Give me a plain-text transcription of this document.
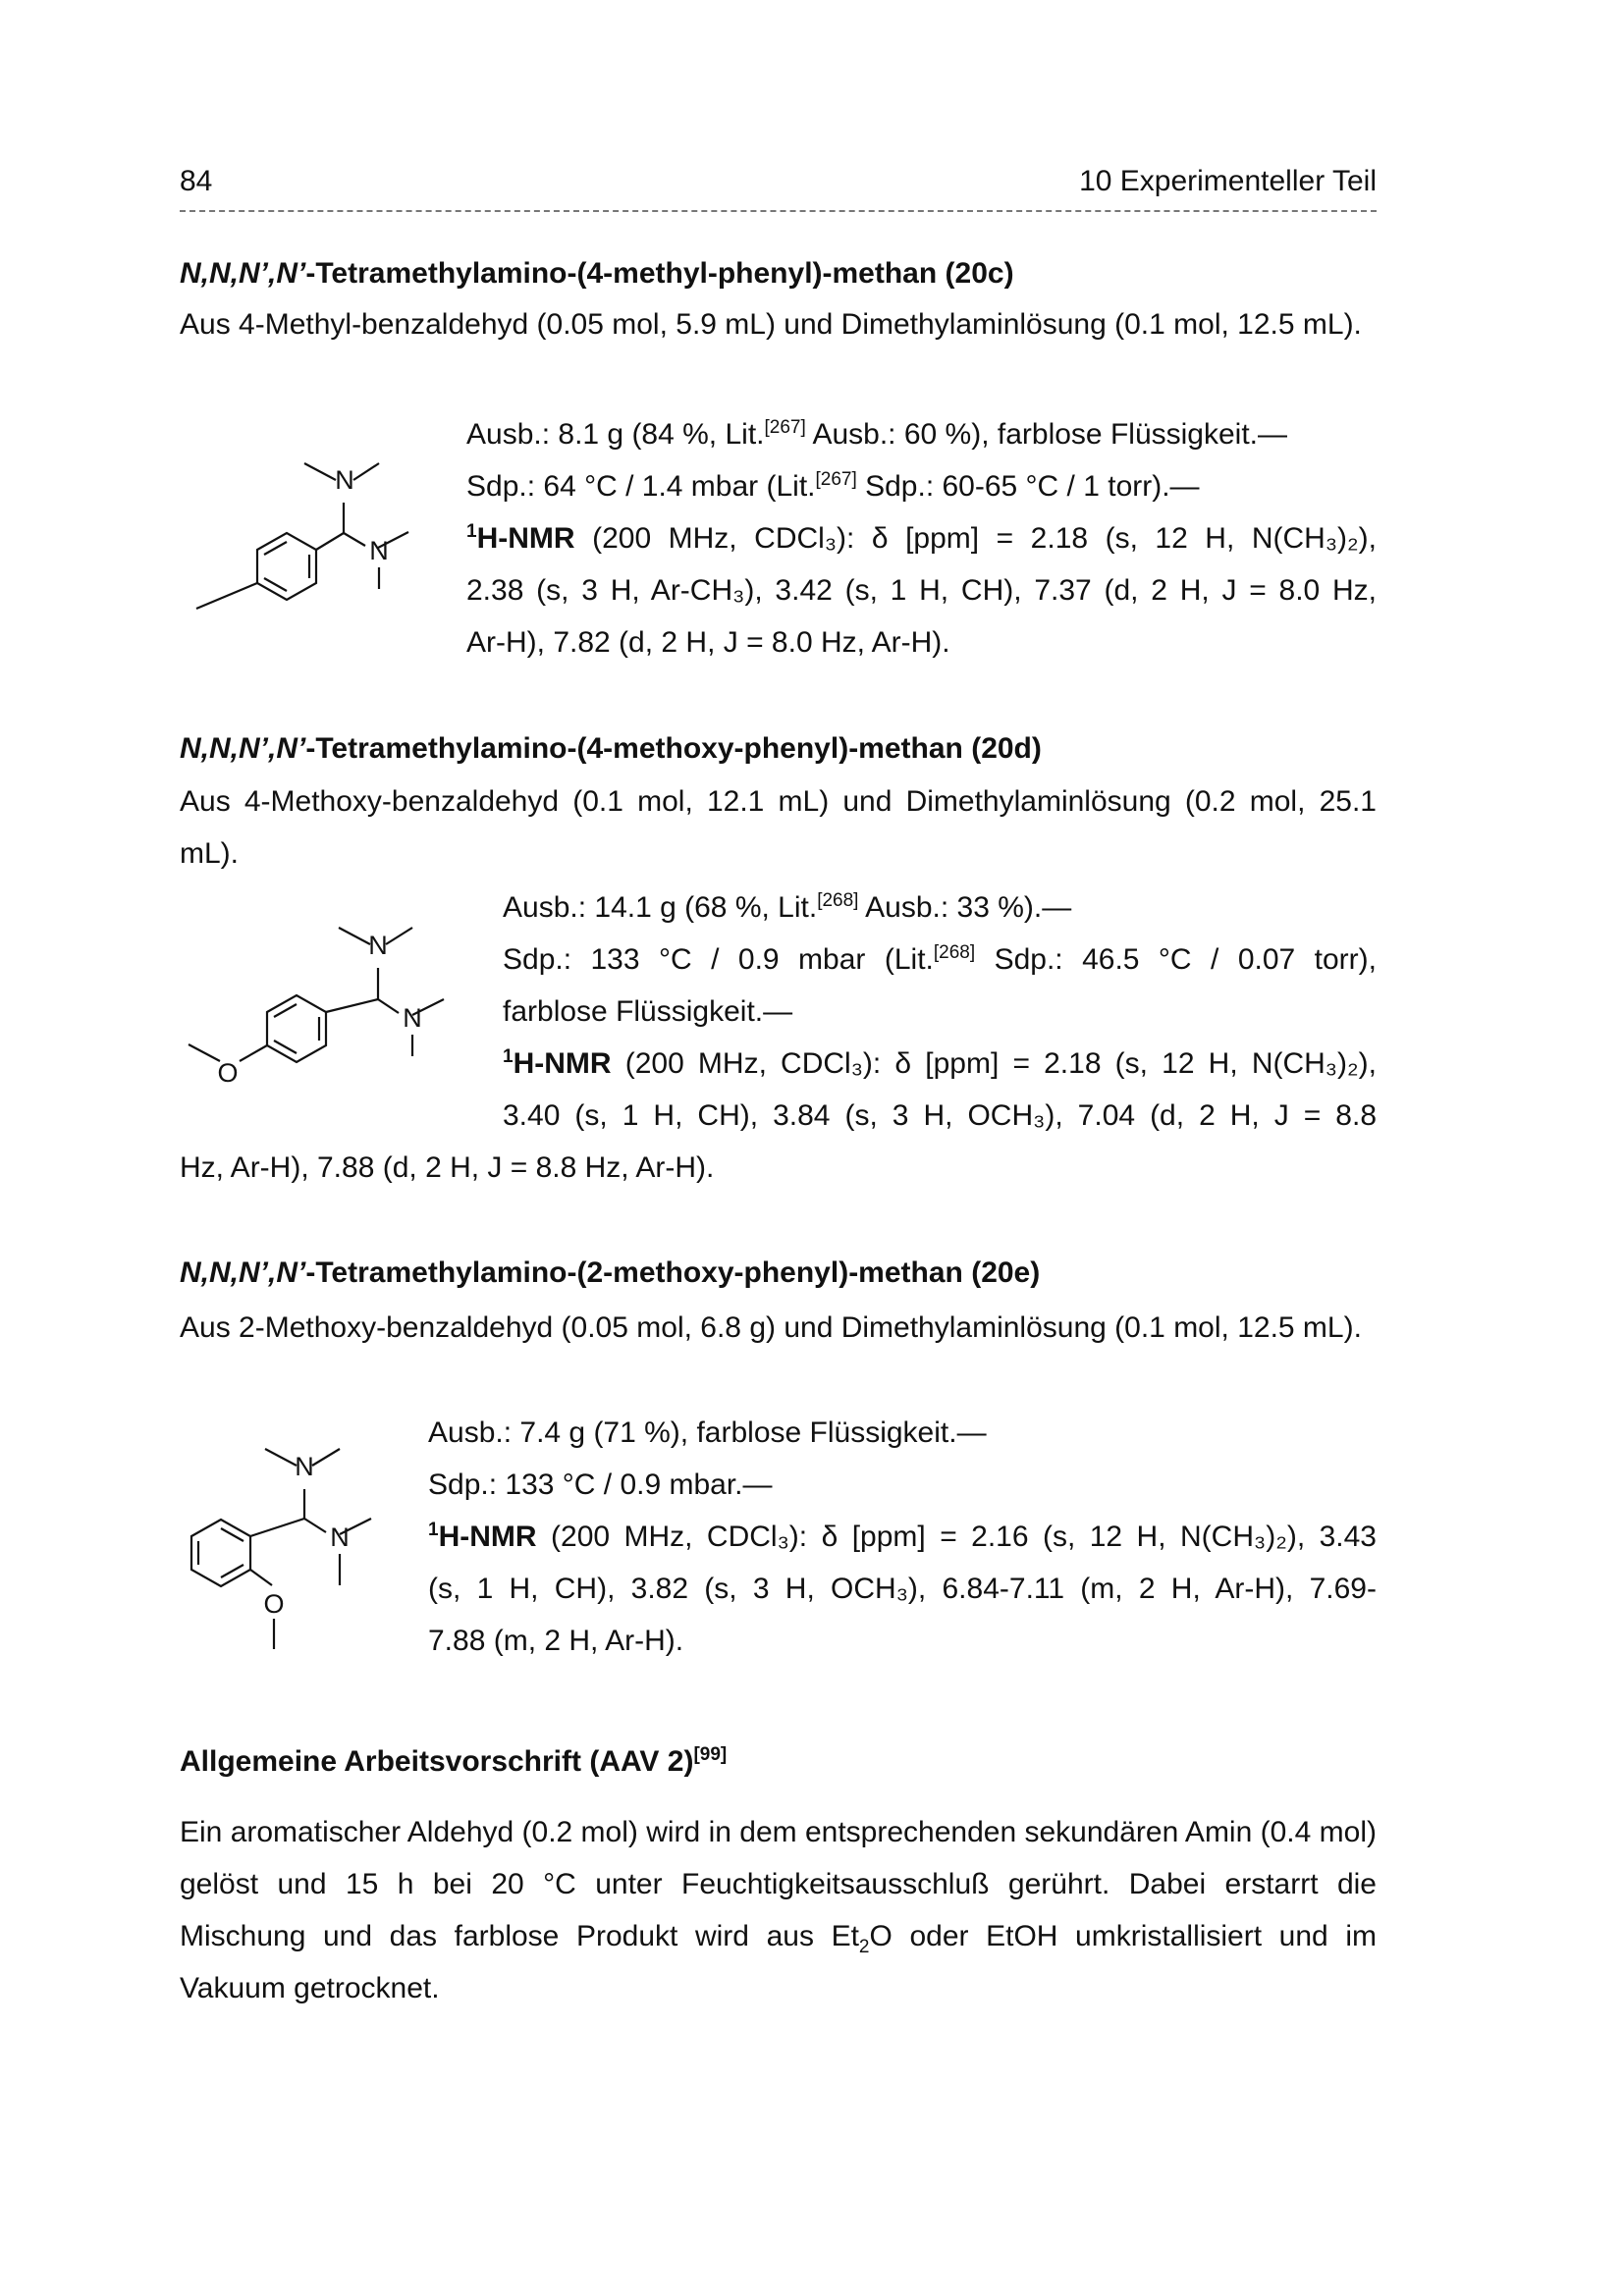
84	10 Experimenteller Teil
N,N,N’,N’-Tetramethylamino-(4-methyl-phenyl)-methan (20c)
Aus 4-Methyl-benzaldehyd (0.05 mol, 5.9 mL) und Dimethylaminlösung (0.1 mol, 12.5 mL).
N
N
Ausb.: 8.1 g (84 %, Lit.[267] Ausb.: 60 %), farblose Flüssigkeit.—
Sdp.: 64 °C / 1.4 mbar (Lit.[267] Sdp.: 60-65 °C / 1 torr).—
$^1$H-NMR (200 MHz, CDCl₃): δ [ppm] = 2.18 (s, 12 H, N(CH₃)₂),
2.38 (s, 3 H, Ar-CH₃), 3.42 (s, 1 H, CH), 7.37 (d, 2 H, J = 8.0 Hz,
Ar-H), 7.82 (d, 2 H, J = 8.0 Hz, Ar-H).
N,N,N’,N’-Tetramethylamino-(4-methoxy-phenyl)-methan (20d)
Aus 4-Methoxy-benzaldehyd (0.1 mol, 12.1 mL) und Dimethylaminlösung (0.2 mol, 25.1 mL).
O
N
N
Ausb.: 14.1 g (68 %, Lit.[268] Ausb.: 33 %).—
Sdp.: 133 °C / 0.9 mbar (Lit.[268] Sdp.: 46.5 °C / 0.07 torr),
farblose Flüssigkeit.—
$^1$H-NMR (200 MHz, CDCl₃): δ [ppm] = 2.18 (s, 12 H, N(CH₃)₂),
3.40 (s, 1 H, CH), 3.84 (s, 3 H, OCH₃), 7.04 (d, 2 H, J = 8.8
Hz, Ar-H), 7.88 (d, 2 H, J = 8.8 Hz, Ar-H).
N,N,N’,N’-Tetramethylamino-(2-methoxy-phenyl)-methan (20e)
Aus 2-Methoxy-benzaldehyd (0.05 mol, 6.8 g) und Dimethylaminlösung (0.1 mol, 12.5 mL).
O
N
N
Ausb.: 7.4 g (71 %), farblose Flüssigkeit.—
Sdp.: 133 °C / 0.9 mbar.—
$^1$H-NMR (200 MHz, CDCl₃): δ [ppm] = 2.16 (s, 12 H, N(CH₃)₂), 3.43
(s, 1 H, CH), 3.82 (s, 3 H, OCH₃), 6.84-7.11 (m, 2 H, Ar-H), 7.69-
7.88 (m, 2 H, Ar-H).
Allgemeine Arbeitsvorschrift (AAV 2)[99]
Ein aromatischer Aldehyd (0.2 mol) wird in dem entsprechenden sekundären Amin (0.4 mol) gelöst und 15 h bei 20 °C unter Feuchtigkeitsausschluß gerührt. Dabei erstarrt die Mischung und das farblose Produkt wird aus $Et_2O$ oder EtOH umkristallisiert und im Vakuum getrocknet.
